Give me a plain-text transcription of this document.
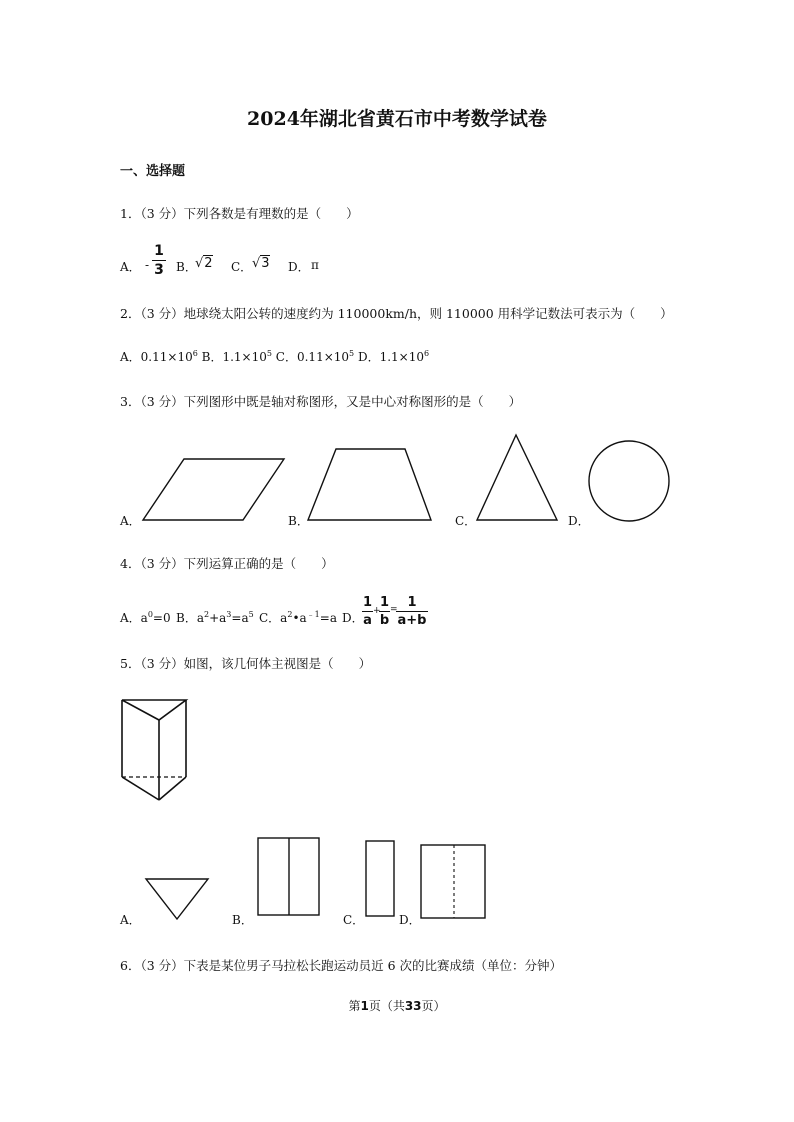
2024年湖北省黄石市中考数学试卷
一、选择题
1．（3 分）下列各数是有理数的是（　　）
A． -
1
3 B．
√2 C． √3 D． π
2．（3 分）地球绕太阳公转的速度约为 110000km/h，则 110000 用科学记数法可表示为（　　）
A．$0.11\times 10^6$ B．$1.1\times 10^5$ C．$0.11\times 10^5$ D．$1.1\times 10^6$
3．（3 分）下列图形中既是轴对称图形，又是中心对称图形的是（　　）
A．	B．	C．	D．
4．（3 分）下列运算正确的是（　　）
A．$a^0=0$ B．$a^2+a^3=a^5$ C．$a^2•a^{﹣1}=a$ D．
1
a
+
1
b
= 1
a+b
5．（3 分）如图，该几何体主视图是（　　）
A．	B．	C．	D．
6．（3 分）下表是某位男子马拉松长跑运动员近 6 次的比赛成绩（单位：分钟）
第1页（共33页）
